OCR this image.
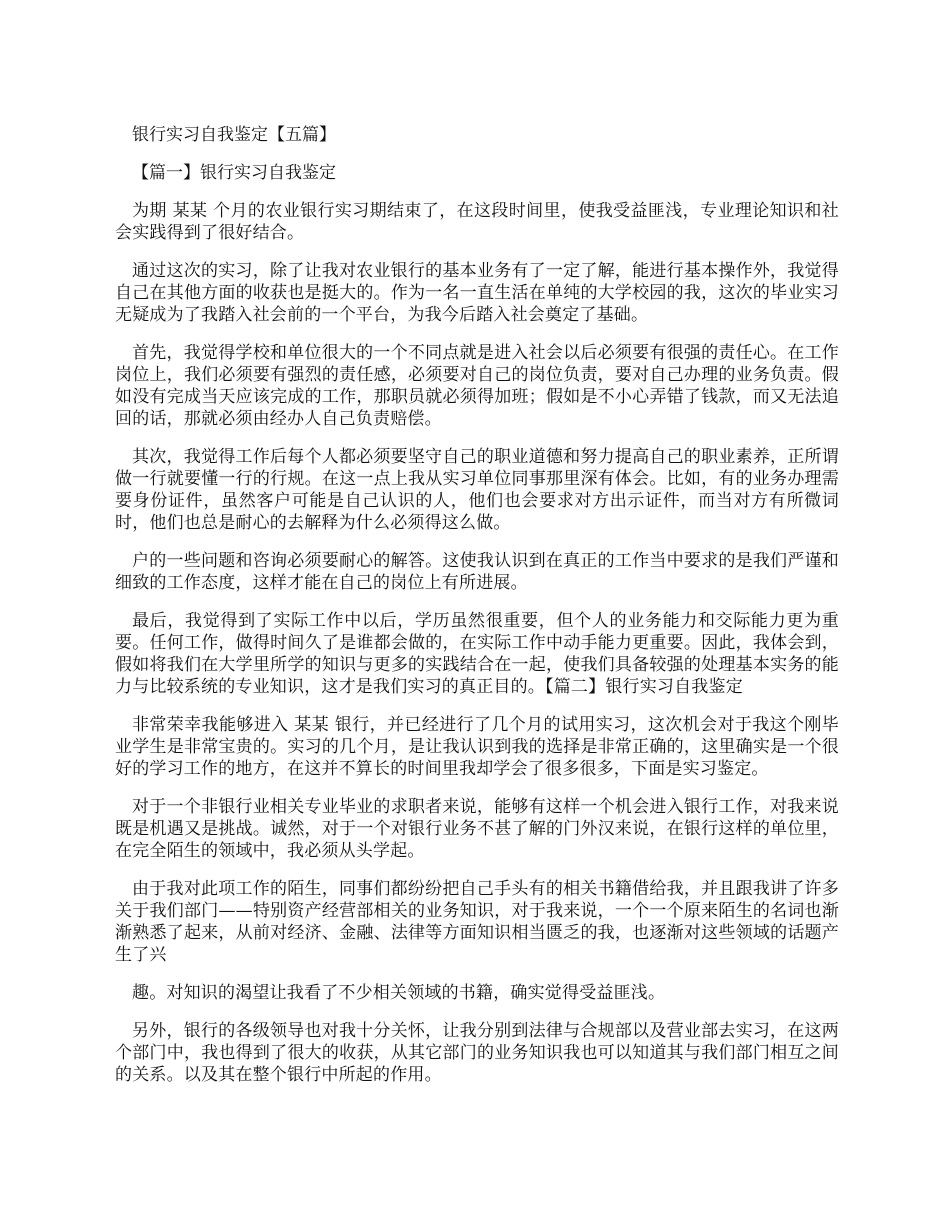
银行实习自我鉴定【五篇】

【篇一】银行实习自我鉴定

为期 某某 个月的农业银行实习期结束了，在这段时间里，使我受益匪浅，专业理论知识和社会实践得到了很好结合。

通过这次的实习，除了让我对农业银行的基本业务有了一定了解，能进行基本操作外，我觉得自己在其他方面的收获也是挺大的。作为一名一直生活在单纯的大学校园的我，这次的毕业实习无疑成为了我踏入社会前的一个平台，为我今后踏入社会奠定了基础。

首先，我觉得学校和单位很大的一个不同点就是进入社会以后必须要有很强的责任心。在工作岗位上，我们必须要有强烈的责任感，必须要对自己的岗位负责，要对自己办理的业务负责。假如没有完成当天应该完成的工作，那职员就必须得加班；假如是不小心弄错了钱款，而又无法追回的话，那就必须由经办人自己负责赔偿。

其次，我觉得工作后每个人都必须要坚守自己的职业道德和努力提高自己的职业素养，正所谓做一行就要懂一行的行规。在这一点上我从实习单位同事那里深有体会。比如，有的业务办理需要身份证件，虽然客户可能是自己认识的人，他们也会要求对方出示证件，而当对方有所微词时，他们也总是耐心的去解释为什么必须得这么做。

户的一些问题和咨询必须要耐心的解答。这使我认识到在真正的工作当中要求的是我们严谨和细致的工作态度，这样才能在自己的岗位上有所进展。

最后，我觉得到了实际工作中以后，学历虽然很重要，但个人的业务能力和交际能力更为重要。任何工作，做得时间久了是谁都会做的，在实际工作中动手能力更重要。因此，我体会到，假如将我们在大学里所学的知识与更多的实践结合在一起，使我们具备较强的处理基本实务的能力与比较系统的专业知识，这才是我们实习的真正目的。【篇二】银行实习自我鉴定

非常荣幸我能够进入 某某 银行，并已经进行了几个月的试用实习，这次机会对于我这个刚毕业学生是非常宝贵的。实习的几个月，是让我认识到我的选择是非常正确的，这里确实是一个很好的学习工作的地方，在这并不算长的时间里我却学会了很多很多，下面是实习鉴定。

对于一个非银行业相关专业毕业的求职者来说，能够有这样一个机会进入银行工作，对我来说既是机遇又是挑战。诚然，对于一个对银行业务不甚了解的门外汉来说，在银行这样的单位里，在完全陌生的领域中，我必须从头学起。

由于我对此项工作的陌生，同事们都纷纷把自己手头有的相关书籍借给我，并且跟我讲了许多关于我们部门——特别资产经营部相关的业务知识，对于我来说，一个一个原来陌生的名词也渐渐熟悉了起来，从前对经济、金融、法律等方面知识相当匮乏的我，也逐渐对这些领域的话题产生了兴

趣。对知识的渴望让我看了不少相关领域的书籍，确实觉得受益匪浅。

另外，银行的各级领导也对我十分关怀，让我分别到法律与合规部以及营业部去实习，在这两个部门中，我也得到了很大的收获，从其它部门的业务知识我也可以知道其与我们部门相互之间的关系。以及其在整个银行中所起的作用。
